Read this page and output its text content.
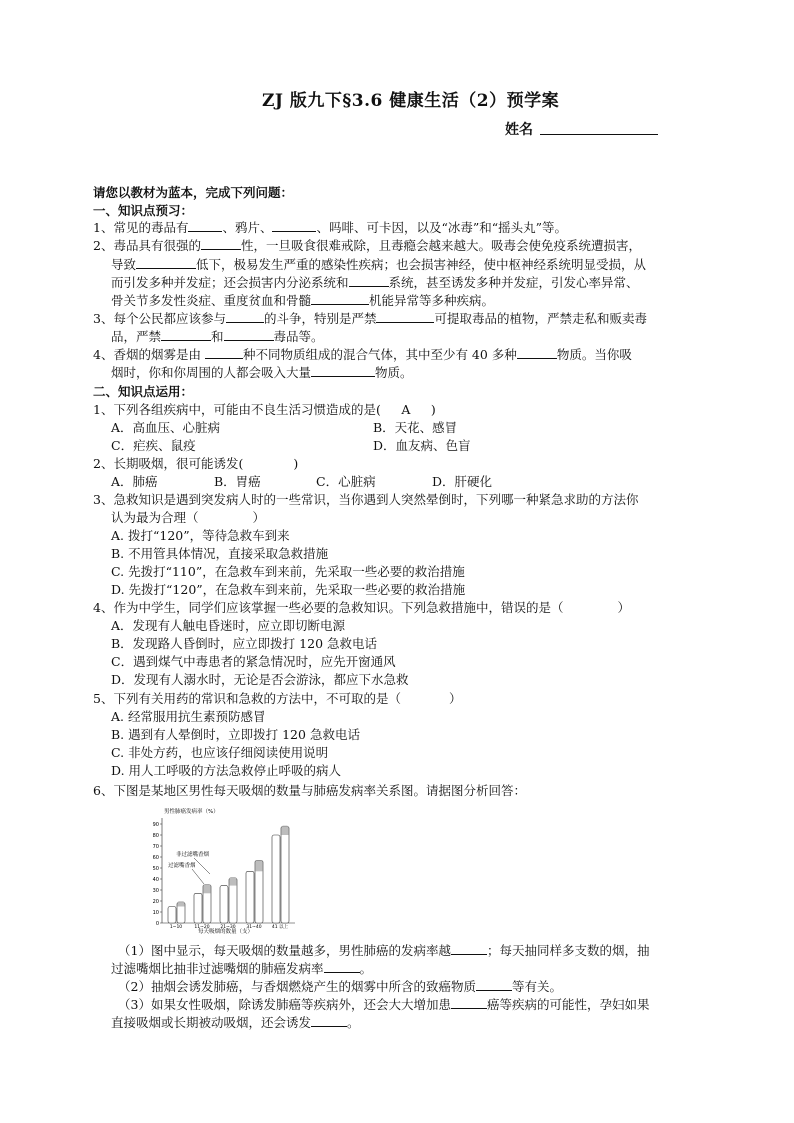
ZJ 版九下§3.6 健康生活（2）预学案
姓名
请您以教材为蓝本，完成下列问题：
一、知识点预习：
1、常见的毒品有	、鸦片、	、吗啡、可卡因，以及“冰毒”和“摇头丸”等。
2、毒品具有很强的	性，一旦吸食很难戒除，且毒瘾会越来越大。吸毒会使免疫系统遭损害，
导致	低下，极易发生严重的感染性疾病；也会损害神经，使中枢神经系统明显受损，从
而引发多种并发症；还会损害内分泌系统和	系统，甚至诱发多种并发症，引发心率异常、
骨关节多发性炎症、重度贫血和骨髓	机能异常等多种疾病。
3、每个公民都应该参与	的斗争，特别是严禁	可提取毒品的植物，严禁走私和贩卖毒
品，严禁	和	毒品等。
4、香烟的烟雾是由	种不同物质组成的混合气体，其中至少有 40 多种	物质。当你吸
烟时，你和你周围的人都会吸入大量	物质。
二、知识点运用：
1、下列各组疾病中，可能由不良生活习惯造成的是( A )
A．高血压、心脏病	B．天花、感冒
C．疟疾、鼠疫	D．血友病、色盲
2、长期吸烟，很可能诱发(	)
A．肺癌	B．胃癌	C．心脏病	D．肝硬化
3、急救知识是遇到突发病人时的一些常识，当你遇到人突然晕倒时，下列哪一种紧急求助的方法你
认为最为合理（	）
A. 拨打“120”，等待急救车到来
B. 不用管具体情况，直接采取急救措施
C. 先拨打“110”，在急救车到来前，先采取一些必要的救治措施
D. 先拨打“120”，在急救车到来前，先采取一些必要的救治措施
4、作为中学生，同学们应该掌握一些必要的急救知识。下列急救措施中，错误的是（	）
A．发现有人触电昏迷时，应立即切断电源
B．发现路人昏倒时，应立即拨打 120 急救电话
C．遇到煤气中毒患者的紧急情况时，应先开窗通风
D．发现有人溺水时，无论是否会游泳，都应下水急救
5、下列有关用药的常识和急救的方法中，不可取的是（	）
A. 经常服用抗生素预防感冒
B. 遇到有人晕倒时，立即拨打 120 急救电话
C. 非处方药，也应该仔细阅读使用说明
D. 用人工呼吸的方法急救停止呼吸的病人
6、下图是某地区男性每天吸烟的数量与肺癌发病率关系图。请据图分析回答：
男性肺癌发病率（%）
0
10
20
30
40
50
60
70
80
90
1~10	11~20 21~30 31~40 41 以上
非过滤嘴香烟
过滤嘴香烟
每天吸烟的数量（支）
（1）图中显示，每天吸烟的数量越多，男性肺癌的发病率越	；每天抽同样多支数的烟，抽
过滤嘴烟比抽非过滤嘴烟的肺癌发病率	。
（2）抽烟会诱发肺癌，与香烟燃烧产生的烟雾中所含的致癌物质	等有关。
（3）如果女性吸烟，除诱发肺癌等疾病外，还会大大增加患	癌等疾病的可能性，孕妇如果
直接吸烟或长期被动吸烟，还会诱发	。
